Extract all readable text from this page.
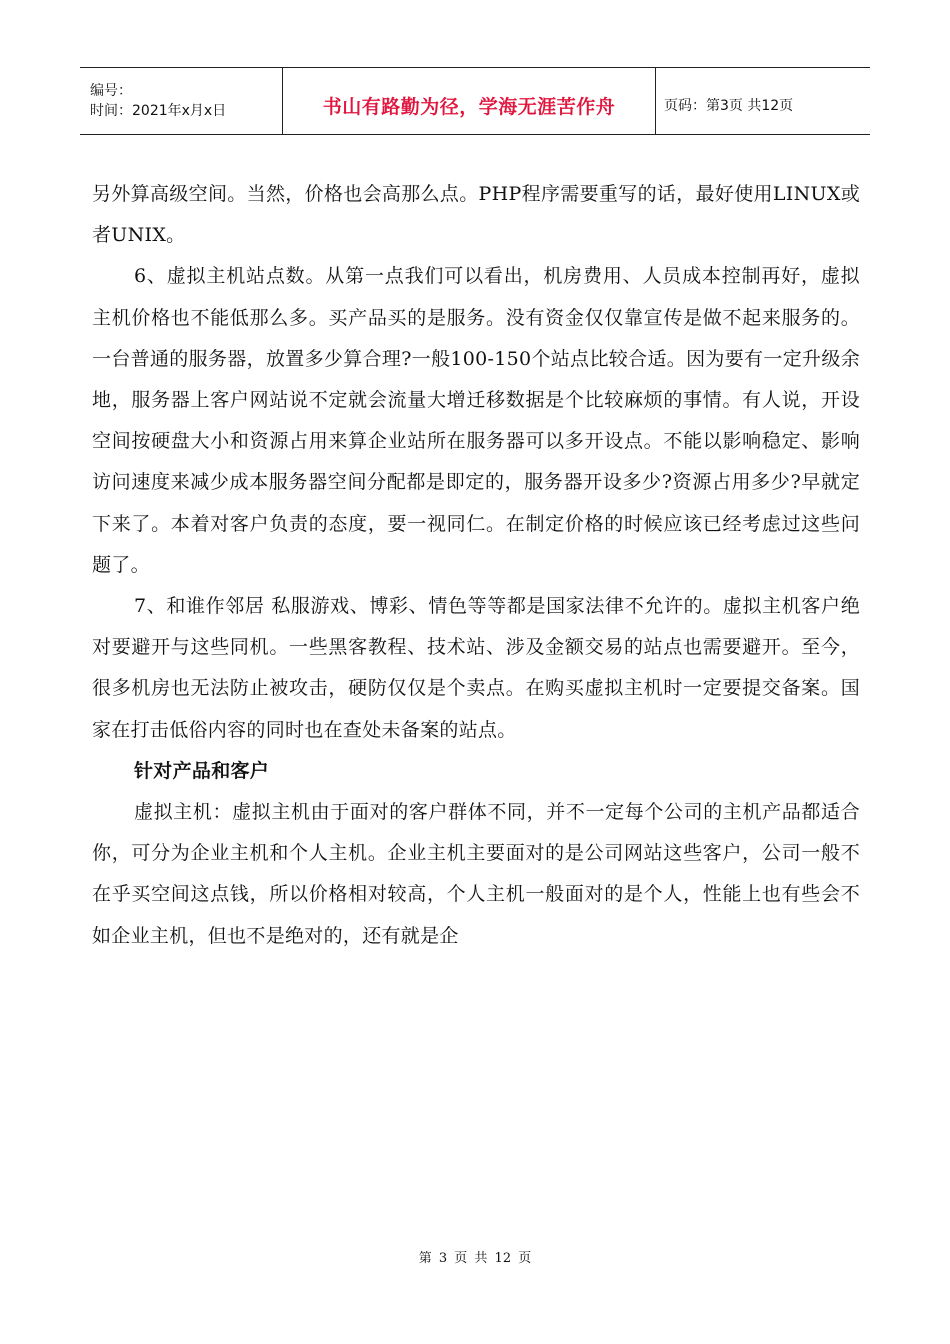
编号：
时间：2021年x月x日	书山有路勤为径，学海无涯苦作舟	页码：第3页 共12页

另外算高级空间。当然，价格也会高那么点。PHP程序需要重写的话，最好使用LINUX或者UNIX。

6、虚拟主机站点数。从第一点我们可以看出，机房费用、人员成本控制再好，虚拟主机价格也不能低那么多。买产品买的是服务。没有资金仅仅靠宣传是做不起来服务的。一台普通的服务器，放置多少算合理?一般100-150个站点比较合适。因为要有一定升级余地，服务器上客户网站说不定就会流量大增迁移数据是个比较麻烦的事情。有人说，开设空间按硬盘大小和资源占用来算企业站所在服务器可以多开设点。不能以影响稳定、影响访问速度来减少成本服务器空间分配都是即定的，服务器开设多少?资源占用多少?早就定下来了。本着对客户负责的态度，要一视同仁。在制定价格的时候应该已经考虑过这些问题了。

7、和谁作邻居 私服游戏、博彩、情色等等都是国家法律不允许的。虚拟主机客户绝对要避开与这些同机。一些黑客教程、技术站、涉及金额交易的站点也需要避开。至今，很多机房也无法防止被攻击，硬防仅仅是个卖点。在购买虚拟主机时一定要提交备案。国家在打击低俗内容的同时也在查处未备案的站点。

针对产品和客户

虚拟主机：虚拟主机由于面对的客户群体不同，并不一定每个公司的主机产品都适合你，可分为企业主机和个人主机。企业主机主要面对的是公司网站这些客户，公司一般不在乎买空间这点钱，所以价格相对较高，个人主机一般面对的是个人，性能上也有些会不如企业主机，但也不是绝对的，还有就是企

第 3 页 共 12 页
